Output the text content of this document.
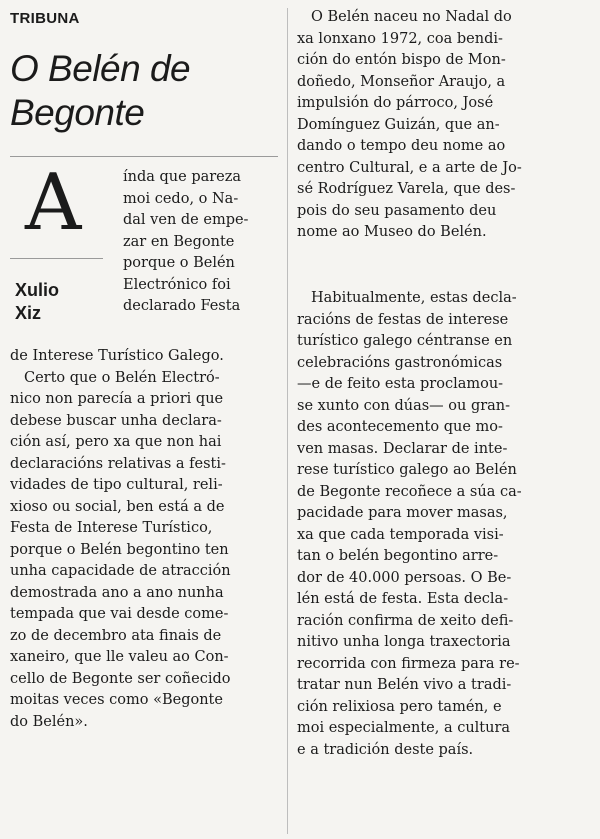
TRIBUNA
O Belén de
Begonte
A
Xulio
Xiz
índa que pareza
moi cedo, o Na-
dal ven de empe-
zar en Begonte
porque o Belén
Electrónico foi
declarado Festa
de Interese Turístico Galego.
Certo que o Belén Electró-
nico non parecía a priori que
debese buscar unha declara-
ción así, pero xa que non hai
declaracións relativas a festi-
vidades de tipo cultural, reli-
xioso ou social, ben está a de
Festa de Interese Turístico,
porque o Belén begontino ten
unha capacidade de atracción
demostrada ano a ano nunha
tempada que vai desde come-
zo de decembro ata finais de
xaneiro, que lle valeu ao Con-
cello de Begonte ser coñecido
moitas veces como «Begonte
do Belén».
O Belén naceu no Nadal do
xa lonxano 1972, coa bendi-
ción do entón bispo de Mon-
doñedo, Monseñor Araujo, a
impulsión do párroco, José
Domínguez Guizán, que an-
dando o tempo deu nome ao
centro Cultural, e a arte de Jo-
sé Rodríguez Varela, que des-
pois do seu pasamento deu
nome ao Museo do Belén.
Habitualmente, estas decla-
racións de festas de interese
turístico galego céntranse en
celebracións gastronómicas
—e de feito esta proclamou-
se xunto con dúas— ou gran-
des acontecemento que mo-
ven masas. Declarar de inte-
rese turístico galego ao Belén
de Begonte recoñece a súa ca-
pacidade para mover masas,
xa que cada temporada visi-
tan o belén begontino arre-
dor de 40.000 persoas. O Be-
lén está de festa. Esta decla-
ración confirma de xeito defi-
nitivo unha longa traxectoria
recorrida con firmeza para re-
tratar nun Belén vivo a tradi-
ción relixiosa pero tamén, e
moi especialmente, a cultura
e a tradición deste país.
